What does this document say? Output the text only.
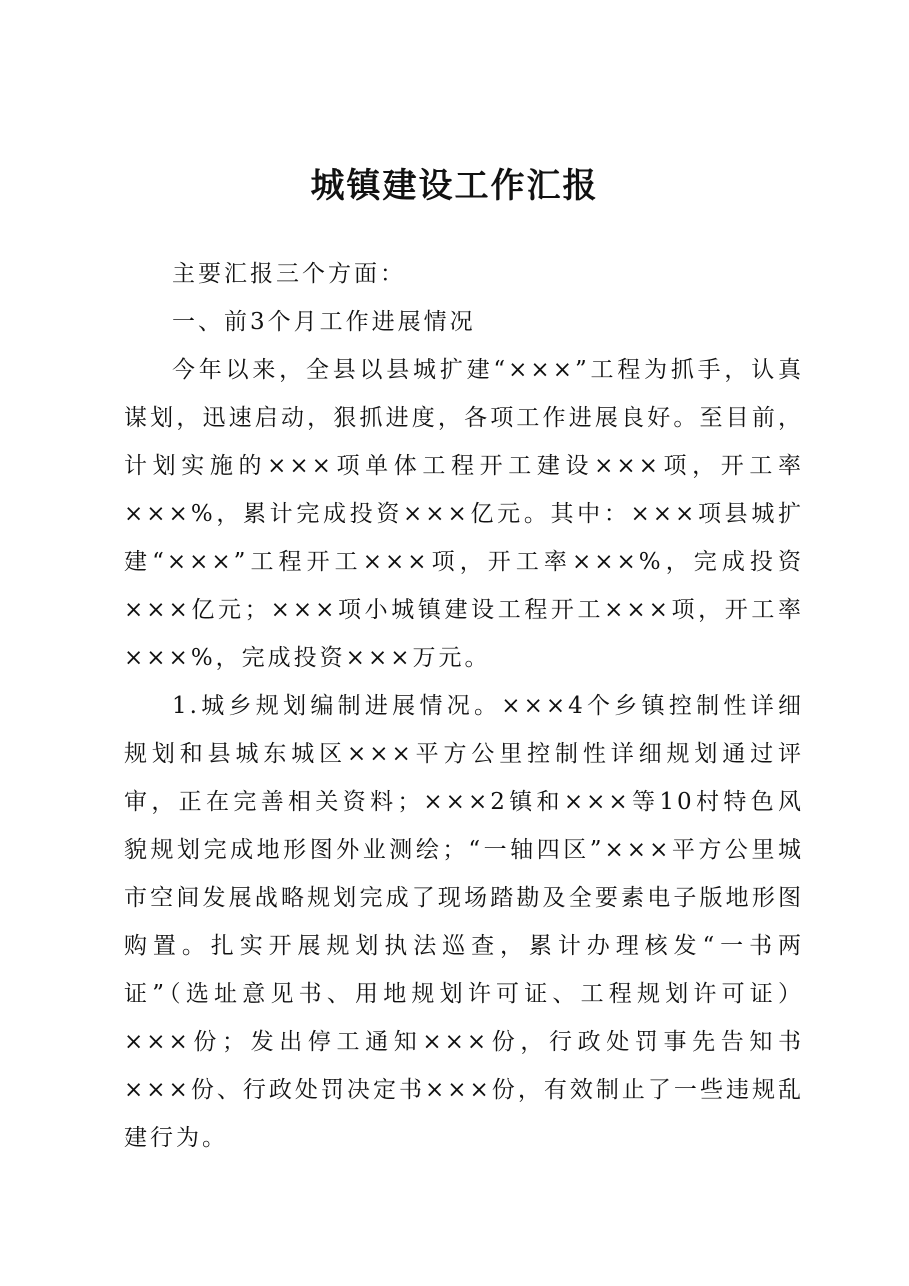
城镇建设工作汇报

主要汇报三个方面：

一、前3个月工作进展情况

今年以来，全县以县城扩建“×××”工程为抓手，认真谋划，迅速启动，狠抓进度，各项工作进展良好。至目前，计划实施的×××项单体工程开工建设×××项，开工率×××%，累计完成投资×××亿元。其中：×××项县城扩建“×××”工程开工×××项，开工率×××%，完成投资×××亿元；×××项小城镇建设工程开工×××项，开工率×××%，完成投资×××万元。

1.城乡规划编制进展情况。×××4个乡镇控制性详细规划和县城东城区×××平方公里控制性详细规划通过评审，正在完善相关资料；×××2镇和×××等10村特色风貌规划完成地形图外业测绘；“一轴四区”×××平方公里城市空间发展战略规划完成了现场踏勘及全要素电子版地形图购置。扎实开展规划执法巡查，累计办理核发“一书两证”（选址意见书、用地规划许可证、工程规划许可证）×××份；发出停工通知×××份，行政处罚事先告知书×××份、行政处罚决定书×××份，有效制止了一些违规乱建行为。
